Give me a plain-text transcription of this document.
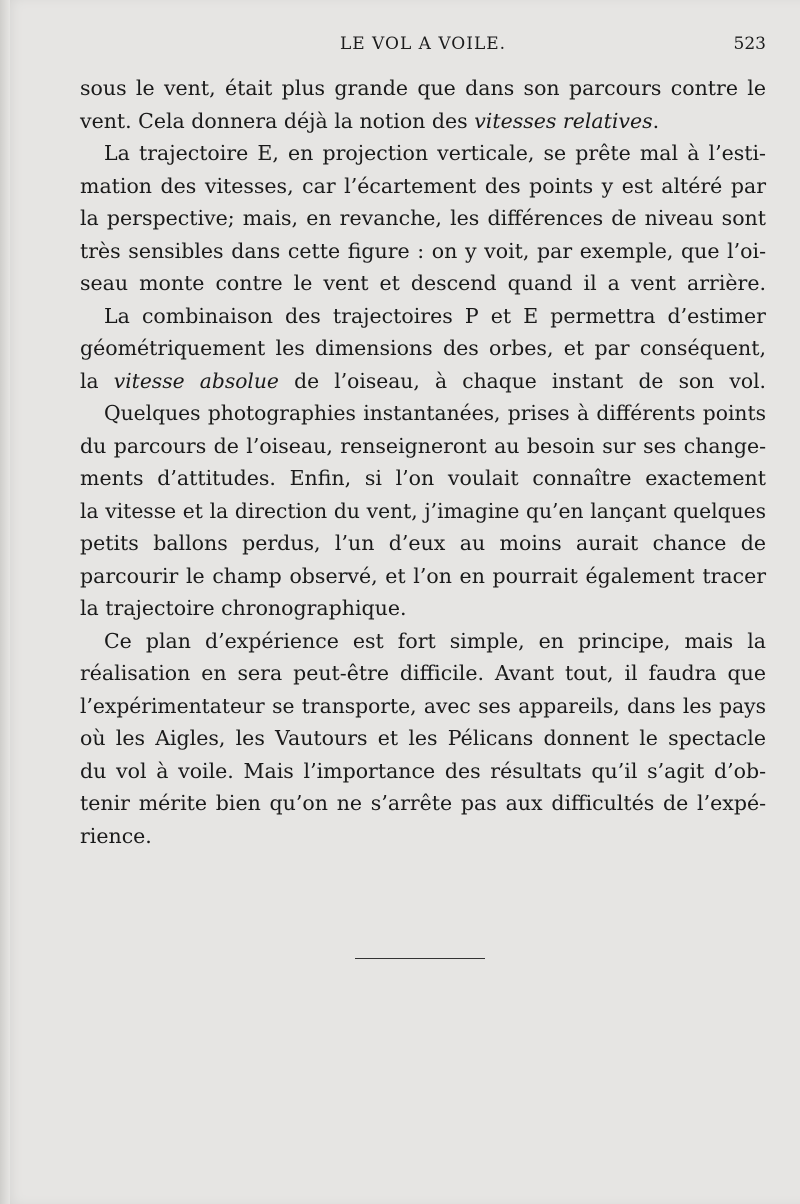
LE VOL A VOILE.	523
sous le vent, était plus grande que dans son parcours contre le
vent. Cela donnera déjà la notion des vitesses relatives.
La trajectoire E, en projection verticale, se prête mal à l’esti-
mation des vitesses, car l’écartement des points y est altéré par
la perspective; mais, en revanche, les différences de niveau sont
très sensibles dans cette figure : on y voit, par exemple, que l’oi-
seau monte contre le vent et descend quand il a vent arrière.
La combinaison des trajectoires P et E permettra d’estimer
géométriquement les dimensions des orbes, et par conséquent,
la vitesse absolue de l’oiseau, à chaque instant de son vol.
Quelques photographies instantanées, prises à différents points
du parcours de l’oiseau, renseigneront au besoin sur ses change-
ments d’attitudes. Enfin, si l’on voulait connaître exactement
la vitesse et la direction du vent, j’imagine qu’en lançant quelques
petits ballons perdus, l’un d’eux au moins aurait chance de
parcourir le champ observé, et l’on en pourrait également tracer
la trajectoire chronographique.
Ce plan d’expérience est fort simple, en principe, mais la
réalisation en sera peut-être difficile. Avant tout, il faudra que
l’expérimentateur se transporte, avec ses appareils, dans les pays
où les Aigles, les Vautours et les Pélicans donnent le spectacle
du vol à voile. Mais l’importance des résultats qu’il s’agit d’ob-
tenir mérite bien qu’on ne s’arrête pas aux difficultés de l’expé-
rience.
